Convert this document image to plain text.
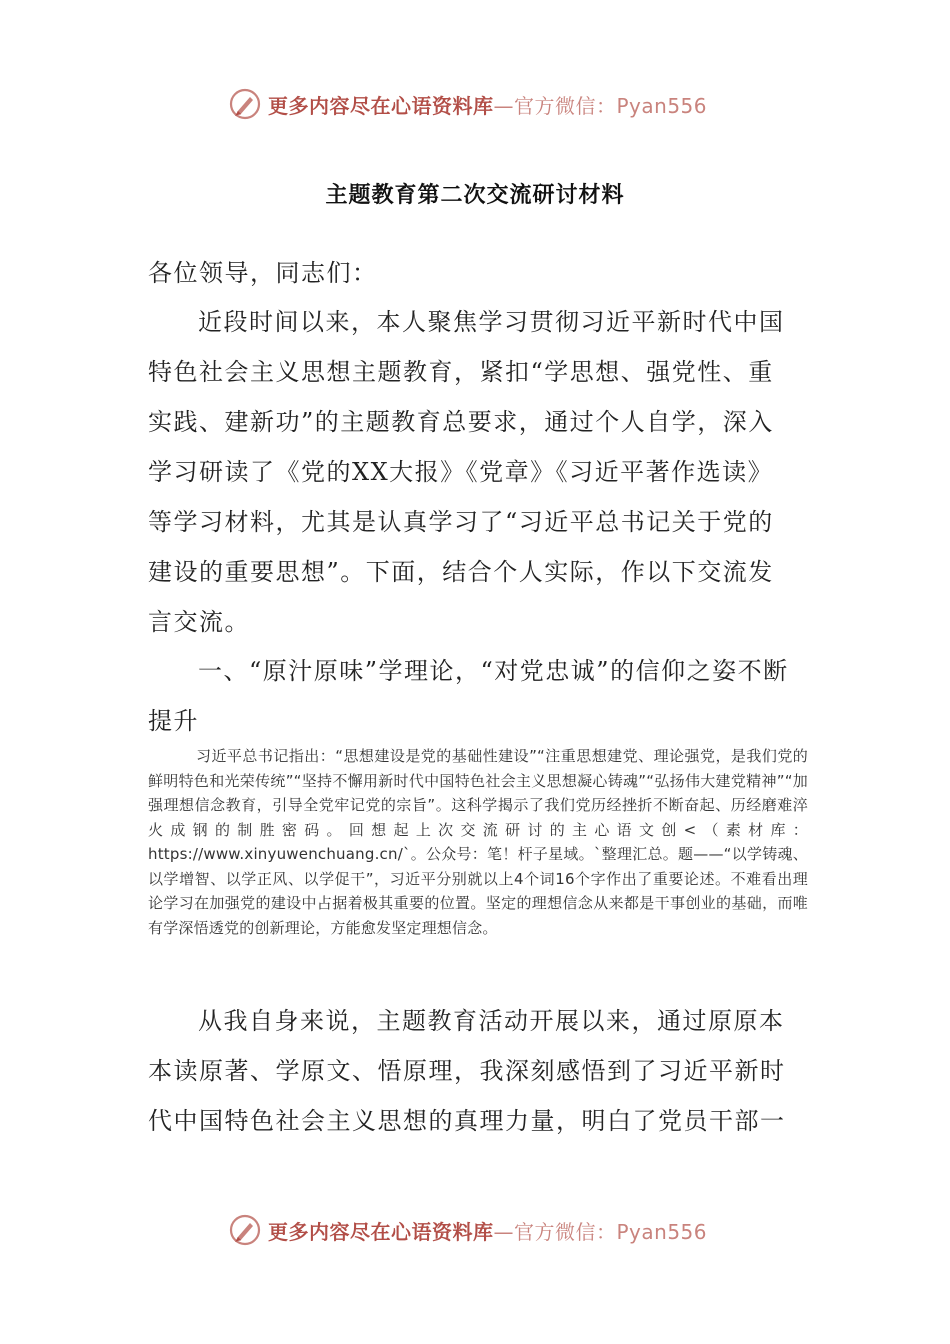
更多内容尽在心语资料库—官方微信：Pyan556
主题教育第二次交流研讨材料
各位领导，同志们：
近段时间以来，本人聚焦学习贯彻习近平新时代中国特色社会主义思想主题教育，紧扣“学思想、强党性、重实践、建新功”的主题教育总要求，通过个人自学，深入学习研读了《党的XX大报》《党章》《习近平著作选读》等学习材料，尤其是认真学习了“习近平总书记关于党的建设的重要思想”。下面，结合个人实际，作以下交流发言交流。
一、“原汁原味”学理论，“对党忠诚”的信仰之姿不断提升
习近平总书记指出：“思想建设是党的基础性建设”“注重思想建党、理论强党，是我们党的鲜明特色和光荣传统”“坚持不懈用新时代中国特色社会主义思想凝心铸魂”“弘扬伟大建党精神”“加强理想信念教育，引导全党牢记党的宗旨”。这科学揭示了我们党历经挫折不断奋起、历经磨难淬火成钢的制胜密码。回想起上次交流研讨的主心语文创<（素材库：https://www.xinyuwenchuang.cn/`。公众号：笔！杆子星域。`整理汇总。题——“以学铸魂、以学增智、以学正风、以学促干”，习近平分别就以上4个词16个字作出了重要论述。不难看出理论学习在加强党的建设中占据着极其重要的位置。坚定的理想信念从来都是干事创业的基础，而唯有学深悟透党的创新理论，方能愈发坚定理想信念。
从我自身来说，主题教育活动开展以来，通过原原本本读原著、学原文、悟原理，我深刻感悟到了习近平新时代中国特色社会主义思想的真理力量，明白了党员干部一
更多内容尽在心语资料库—官方微信：Pyan556
